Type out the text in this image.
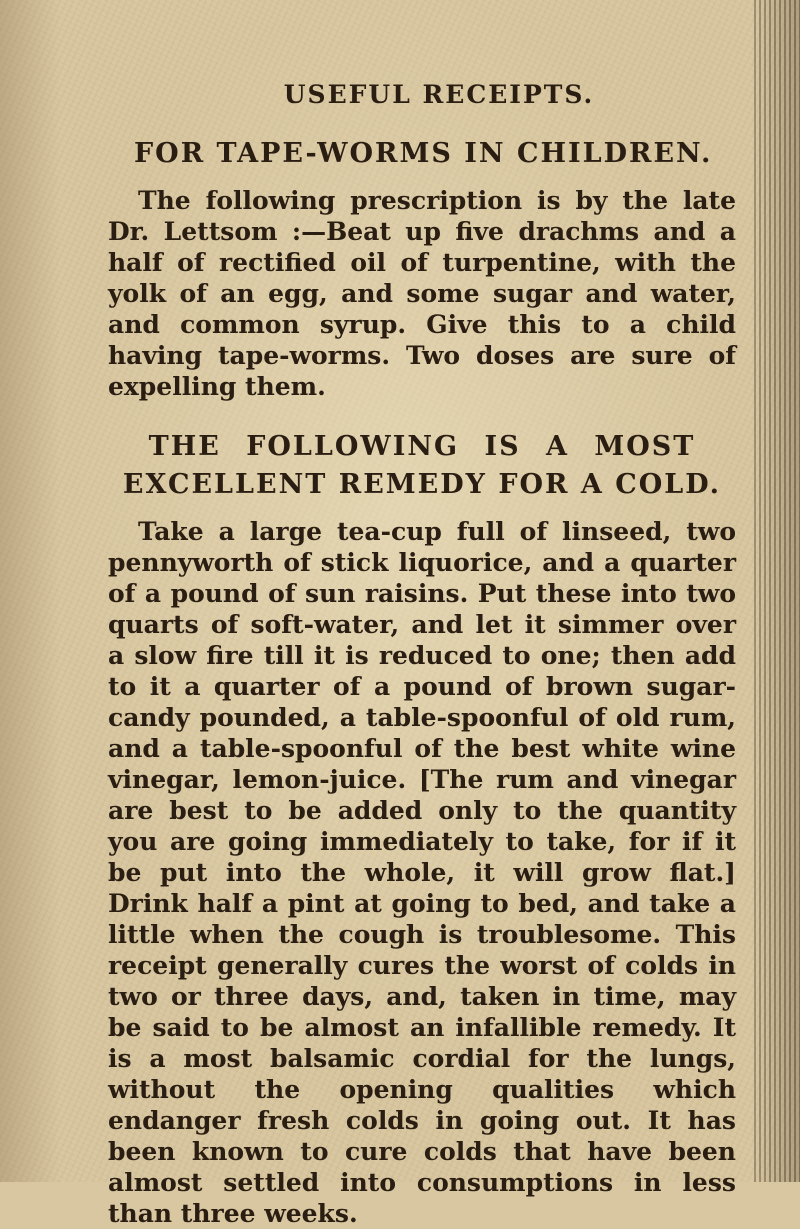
USEFUL RECEIPTS.
FOR TAPE-WORMS IN CHILDREN.

The following prescription is by the late Dr. Lettsom :—Beat up five drachms and a half of rectified oil of turpentine, with the yolk of an egg, and some sugar and water, and common syrup. Give this to a child having tape-worms. Two doses are sure of expelling them.

THE FOLLOWING IS A MOST
EXCELLENT REMEDY FOR A COLD.

Take a large tea-cup full of linseed, two pennyworth of stick liquorice, and a quarter of a pound of sun raisins. Put these into two quarts of soft-water, and let it simmer over a slow fire till it is reduced to one; then add to it a quarter of a pound of brown sugar-candy pounded, a table-spoonful of old rum, and a table-spoonful of the best white wine vinegar, lemon-juice. [The rum and vinegar are best to be added only to the quantity you are going immediately to take, for if it be put into the whole, it will grow flat.] Drink half a pint at going to bed, and take a little when the cough is troublesome. This receipt generally cures the worst of colds in two or three days, and, taken in time, may be said to be almost an infallible remedy. It is a most balsamic cordial for the lungs, without the opening qualities which endanger fresh colds in going out. It has been known to cure colds that have been almost settled into consumptions in less than three weeks.
